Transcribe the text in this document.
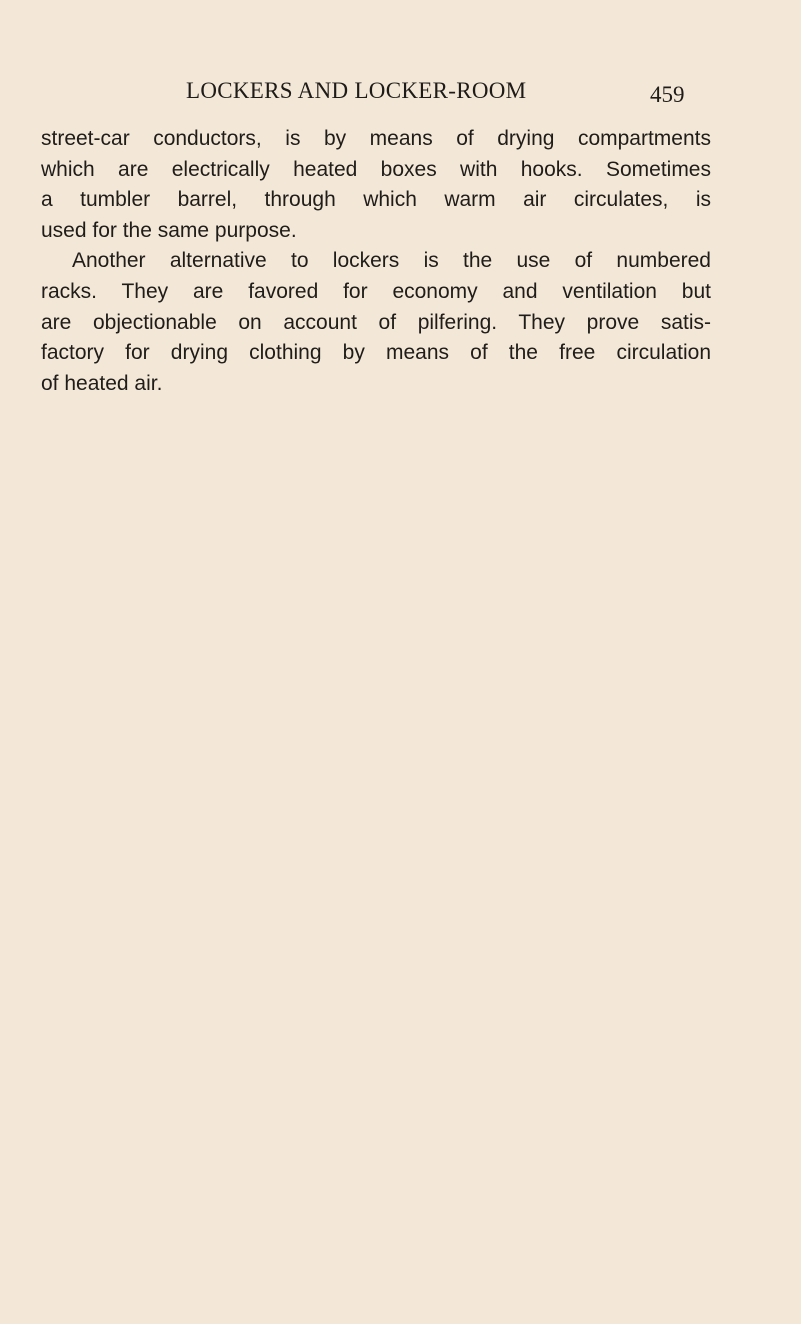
LOCKERS AND LOCKER-ROOM	459

street-car conductors, is by means of drying compartments
which are electrically heated boxes with hooks. Sometimes
a tumbler barrel, through which warm air circulates, is
used for the same purpose.

Another alternative to lockers is the use of numbered
racks. They are favored for economy and ventilation but
are objectionable on account of pilfering. They prove satis-
factory for drying clothing by means of the free circulation
of heated air.
